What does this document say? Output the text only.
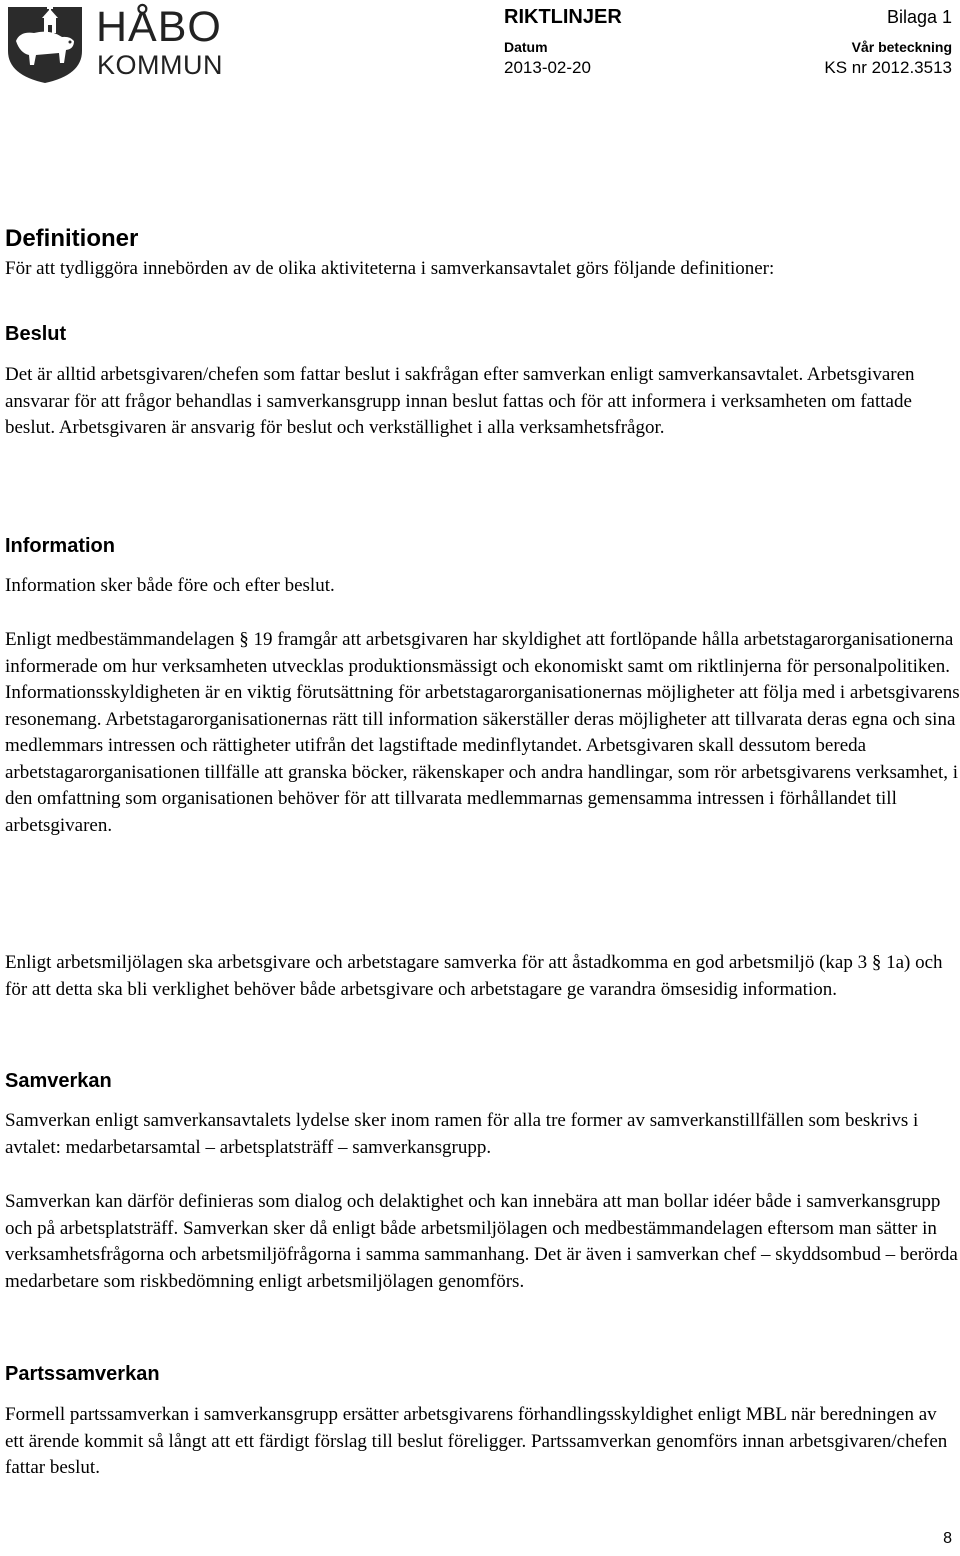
HÅBO
KOMMUN
RIKTLINJER	Bilaga 1
Datum
2013-02-20
Vår beteckning
KS nr 2012.3513
Definitioner

För att tydliggöra innebörden av de olika aktiviteterna i samverkansavtalet görs följande definitioner:

Beslut

Det är alltid arbetsgivaren/chefen som fattar beslut i sakfrågan efter samverkan enligt samverkansavtalet. Arbetsgivaren ansvarar för att frågor behandlas i samverkansgrupp innan beslut fattas och för att informera i verksamheten om fattade beslut. Arbetsgivaren är ansvarig för beslut och verkställighet i alla verksamhetsfrågor.

Information

Information sker både före och efter beslut.

Enligt medbestämmandelagen § 19 framgår att arbetsgivaren har skyldighet att fortlöpande hålla arbetstagarorganisationerna informerade om hur verksamheten utvecklas produktionsmässigt och ekonomiskt samt om riktlinjerna för personalpolitiken. Informationsskyldigheten är en viktig förutsättning för arbetstagarorganisationernas möjligheter att följa med i arbetsgivarens resonemang. Arbetstagarorganisationernas rätt till information säkerställer deras möjligheter att tillvarata deras egna och sina medlemmars intressen och rättigheter utifrån det lagstiftade medinflytandet. Arbetsgivaren skall dessutom bereda arbetstagarorganisationen tillfälle att granska böcker, räkenskaper och andra handlingar, som rör arbetsgivarens verksamhet, i den omfattning som organisationen behöver för att tillvarata medlemmarnas gemensamma intressen i förhållandet till arbetsgivaren.

Enligt arbetsmiljölagen ska arbetsgivare och arbetstagare samverka för att åstadkomma en god arbetsmiljö (kap 3 § 1a) och för att detta ska bli verklighet behöver både arbetsgivare och arbetstagare ge varandra ömsesidig information.

Samverkan

Samverkan enligt samverkansavtalets lydelse sker inom ramen för alla tre former av samverkanstillfällen som beskrivs i avtalet: medarbetarsamtal – arbetsplatsträff – samverkansgrupp.

Samverkan kan därför definieras som dialog och delaktighet och kan innebära att man bollar idéer både i samverkansgrupp och på arbetsplatsträff. Samverkan sker då enligt både arbetsmiljölagen och medbestämmandelagen eftersom man sätter in verksamhetsfrågorna och arbetsmiljöfrågorna i samma sammanhang. Det är även i samverkan chef – skyddsombud – berörda medarbetare som riskbedömning enligt arbetsmiljölagen genomförs.

Partssamverkan

Formell partssamverkan i samverkansgrupp ersätter arbetsgivarens förhandlingsskyldighet enligt MBL när beredningen av ett ärende kommit så långt att ett färdigt förslag till beslut föreligger. Partssamverkan genomförs innan arbetsgivaren/chefen fattar beslut.

8
